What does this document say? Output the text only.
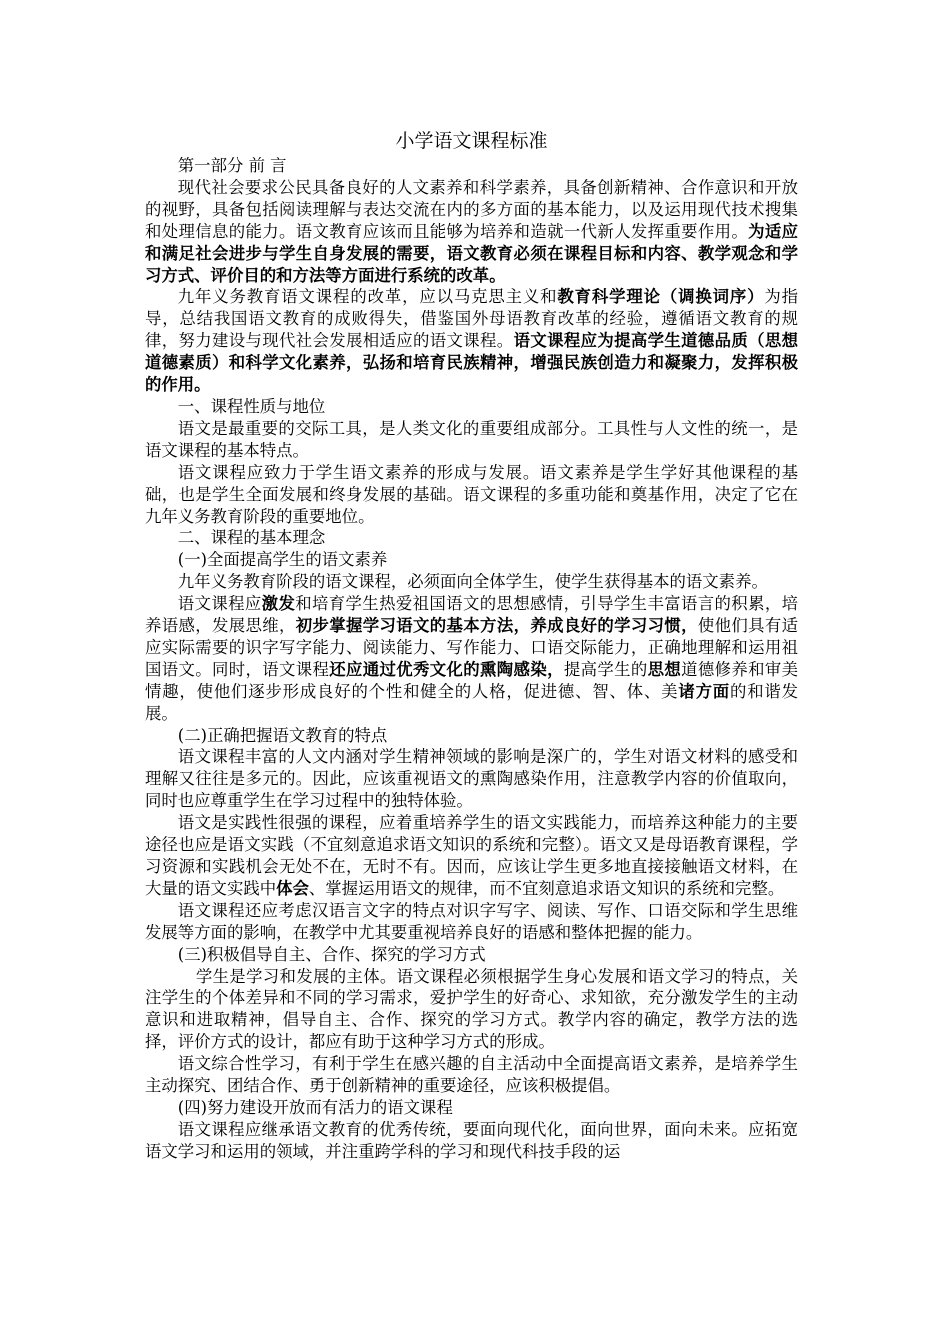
小学语文课程标准
第一部分 前 言

现代社会要求公民具备良好的人文素养和科学素养，具备创新精神、合作意识和开放的视野，具备包括阅读理解与表达交流在内的多方面的基本能力，以及运用现代技术搜集和处理信息的能力。语文教育应该而且能够为培养和造就一代新人发挥重要作用。为适应和满足社会进步与学生自身发展的需要，语文教育必须在课程目标和内容、教学观念和学习方式、评价目的和方法等方面进行系统的改革。

九年义务教育语文课程的改革，应以马克思主义和教育科学理论（调换词序）为指导，总结我国语文教育的成败得失，借鉴国外母语教育改革的经验，遵循语文教育的规律，努力建设与现代社会发展相适应的语文课程。语文课程应为提高学生道德品质（思想道德素质）和科学文化素养，弘扬和培育民族精神，增强民族创造力和凝聚力，发挥积极的作用。

一、课程性质与地位

语文是最重要的交际工具，是人类文化的重要组成部分。工具性与人文性的统一，是语文课程的基本特点。

语文课程应致力于学生语文素养的形成与发展。语文素养是学生学好其他课程的基础，也是学生全面发展和终身发展的基础。语文课程的多重功能和奠基作用，决定了它在九年义务教育阶段的重要地位。

二、课程的基本理念
(一)全面提高学生的语文素养

九年义务教育阶段的语文课程，必须面向全体学生，使学生获得基本的语文素养。

语文课程应激发和培育学生热爱祖国语文的思想感情，引导学生丰富语言的积累，培养语感，发展思维，初步掌握学习语文的基本方法，养成良好的学习习惯，使他们具有适应实际需要的识字写字能力、阅读能力、写作能力、口语交际能力，正确地理解和运用祖国语文。同时，语文课程还应通过优秀文化的熏陶感染，提高学生的思想道德修养和审美情趣，使他们逐步形成良好的个性和健全的人格，促进德、智、体、美诸方面的和谐发展。

(二)正确把握语文教育的特点

语文课程丰富的人文内涵对学生精神领域的影响是深广的，学生对语文材料的感受和理解又往往是多元的。因此，应该重视语文的熏陶感染作用，注意教学内容的价值取向，同时也应尊重学生在学习过程中的独特体验。

语文是实践性很强的课程，应着重培养学生的语文实践能力，而培养这种能力的主要途径也应是语文实践（不宜刻意追求语文知识的系统和完整）。语文又是母语教育课程，学习资源和实践机会无处不在，无时不有。因而，应该让学生更多地直接接触语文材料，在大量的语文实践中体会、掌握运用语文的规律，而不宜刻意追求语文知识的系统和完整。

语文课程还应考虑汉语言文字的特点对识字写字、阅读、写作、口语交际和学生思维发展等方面的影响，在教学中尤其要重视培养良好的语感和整体把握的能力。

(三)积极倡导自主、合作、探究的学习方式

学生是学习和发展的主体。语文课程必须根据学生身心发展和语文学习的特点，关注学生的个体差异和不同的学习需求，爱护学生的好奇心、求知欲，充分激发学生的主动意识和进取精神，倡导自主、合作、探究的学习方式。教学内容的确定，教学方法的选择，评价方式的设计，都应有助于这种学习方式的形成。

语文综合性学习，有利于学生在感兴趣的自主活动中全面提高语文素养，是培养学生主动探究、团结合作、勇于创新精神的重要途径，应该积极提倡。

(四)努力建设开放而有活力的语文课程

语文课程应继承语文教育的优秀传统，要面向现代化，面向世界，面向未来。应拓宽语文学习和运用的领域，并注重跨学科的学习和现代科技手段的运
